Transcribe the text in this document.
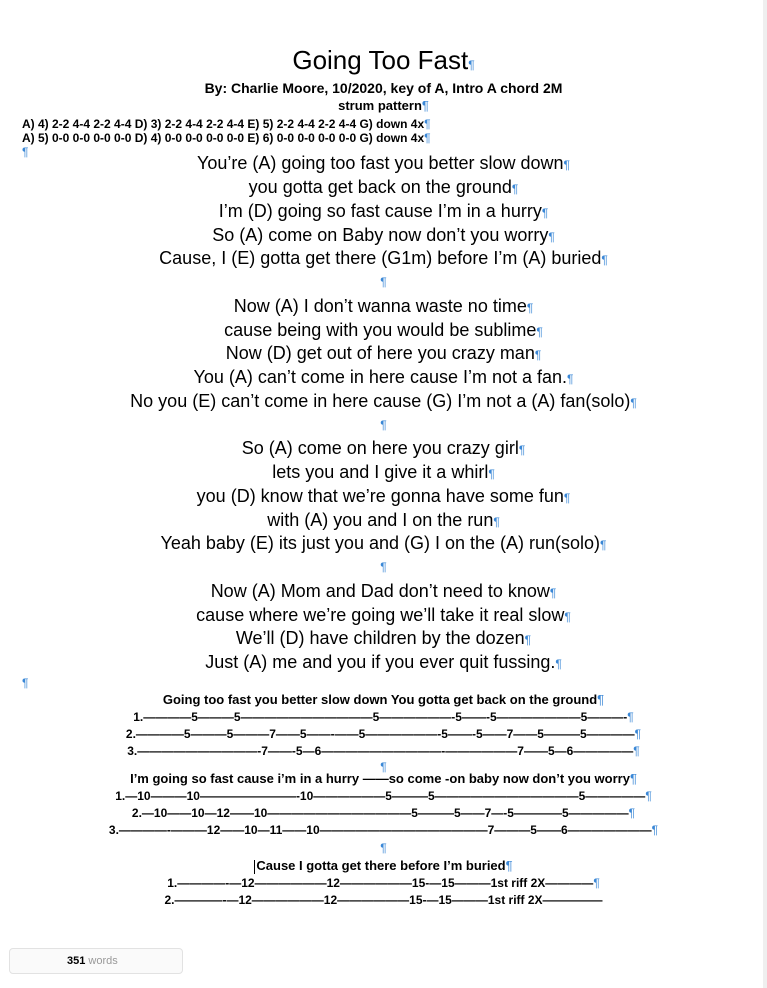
Going Too Fast¶
By: Charlie Moore, 10/2020, key of A, Intro A chord 2M
strum pattern¶
A) 4) 2-2 4-4 2-2 4-4 D) 3) 2-2 4-4 2-2 4-4 E) 5) 2-2 4-4 2-2 4-4 G) down 4x¶
A) 5) 0-0 0-0 0-0 0-0 D) 4) 0-0 0-0 0-0 0-0 E) 6) 0-0 0-0 0-0 0-0 G) down 4x¶
¶
You’re (A) going too fast you better slow down¶
you gotta get back on the ground¶
I’m (D) going so fast cause I’m in a hurry¶
So (A) come on Baby now don’t you worry¶
Cause, I (E) gotta get there (G1m) before I’m (A) buried¶
¶
Now (A) I don’t wanna waste no time¶
cause being with you would be sublime¶
Now (D) get out of here you crazy man¶
You (A) can’t come in here cause I’m not a fan.¶
No you (E) can’t come in here cause (G) I’m not a (A) fan(solo)¶
¶
So (A) come on here you crazy girl¶
lets you and I give it a whirl¶
you (D) know that we’re gonna have some fun¶
with (A) you and I on the run¶
Yeah baby (E) its just you and (G) I on the (A) run(solo)¶
¶
Now (A) Mom and Dad don’t need to know¶
cause where we’re going we’ll take it real slow¶
We’ll (D) have children by the dozen¶
Just (A) me and you if you ever quit fussing.¶
¶
Going too fast you better slow down You gotta get back on the ground¶
1.————5———5———————————5——————-5——-5———————5———-¶
2.————5———5———7——5——-——5——————-5——-5——7——5———5————¶
3.——————————-7——-5—6——————————-——————7——5—6—————¶
¶
I’m going so fast cause i’m in a hurry ——so come -on baby now don’t you worry¶
1.—10———10————————-10——————5———5————————————5—————¶
2.—10——10—12——10————————————5———5——7—-5————5—————¶
3.————-———12——10—11——10——————————————7———5——6———————¶
¶
Cause I gotta get there before I’m buried¶
1.————-—12——————12——————15-—15———1st riff 2X————¶
2.————-—12——————12——————15-—15———1st riff 2X—————
351 words
